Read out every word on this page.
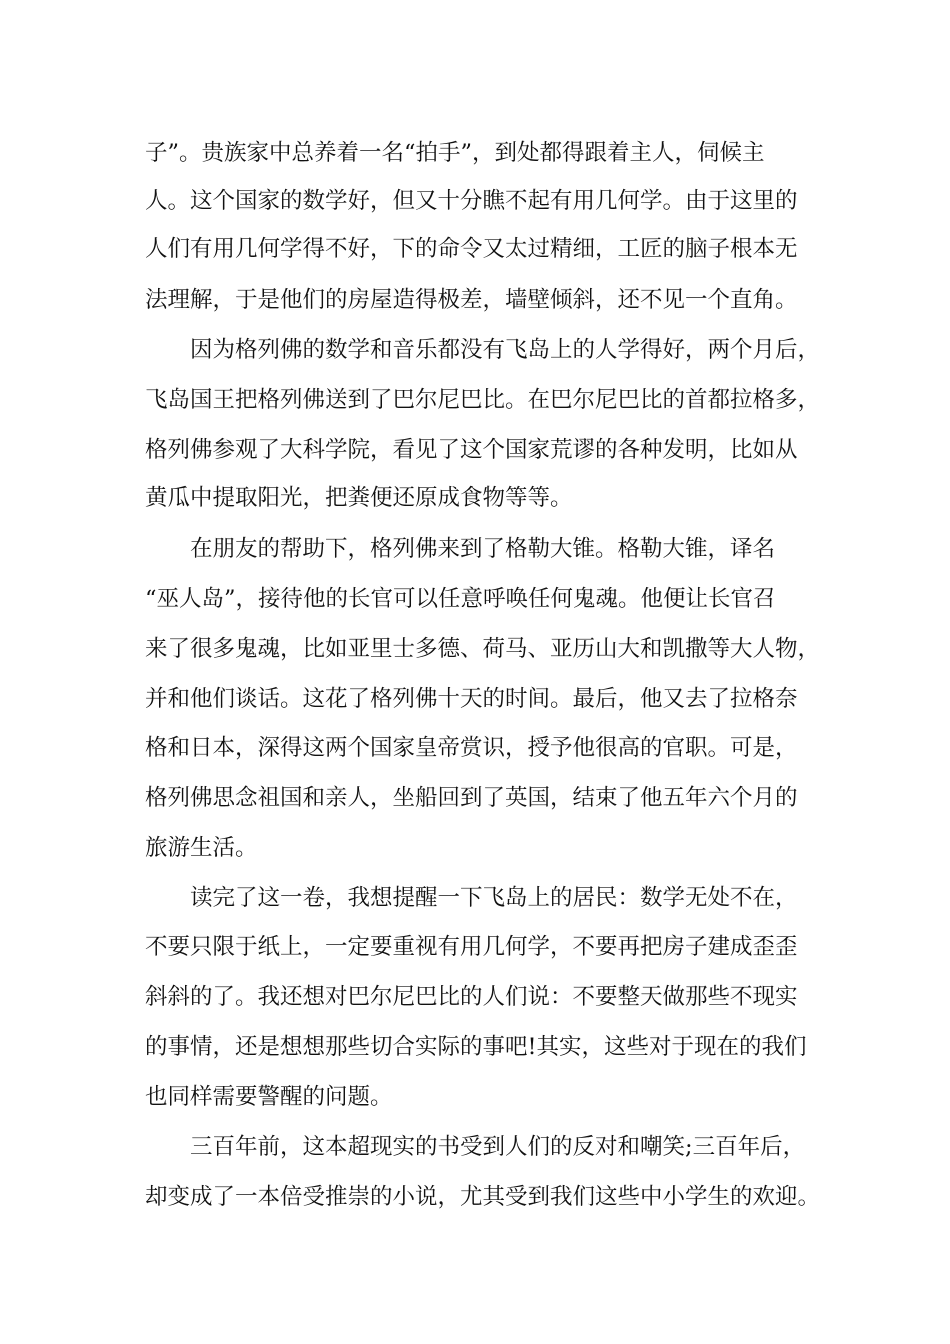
子”。贵族家中总养着一名“拍手”，到处都得跟着主人，伺候主

人。这个国家的数学好，但又十分瞧不起有用几何学。由于这里的

人们有用几何学得不好，下的命令又太过精细，工匠的脑子根本无

法理解，于是他们的房屋造得极差，墙壁倾斜，还不见一个直角。

因为格列佛的数学和音乐都没有飞岛上的人学得好，两个月后，

飞岛国王把格列佛送到了巴尔尼巴比。在巴尔尼巴比的首都拉格多，

格列佛参观了大科学院，看见了这个国家荒谬的各种发明，比如从

黄瓜中提取阳光，把粪便还原成食物等等。

在朋友的帮助下，格列佛来到了格勒大锥。格勒大锥，译名

“巫人岛”，接待他的长官可以任意呼唤任何鬼魂。他便让长官召

来了很多鬼魂，比如亚里士多德、荷马、亚历山大和凯撒等大人物，

并和他们谈话。这花了格列佛十天的时间。最后，他又去了拉格奈

格和日本，深得这两个国家皇帝赏识，授予他很高的官职。可是，

格列佛思念祖国和亲人，坐船回到了英国，结束了他五年六个月的

旅游生活。

读完了这一卷，我想提醒一下飞岛上的居民：数学无处不在，

不要只限于纸上，一定要重视有用几何学，不要再把房子建成歪歪

斜斜的了。我还想对巴尔尼巴比的人们说：不要整天做那些不现实

的事情，还是想想那些切合实际的事吧!其实，这些对于现在的我们

也同样需要警醒的问题。

三百年前，这本超现实的书受到人们的反对和嘲笑;三百年后，

却变成了一本倍受推崇的小说，尤其受到我们这些中小学生的欢迎。
